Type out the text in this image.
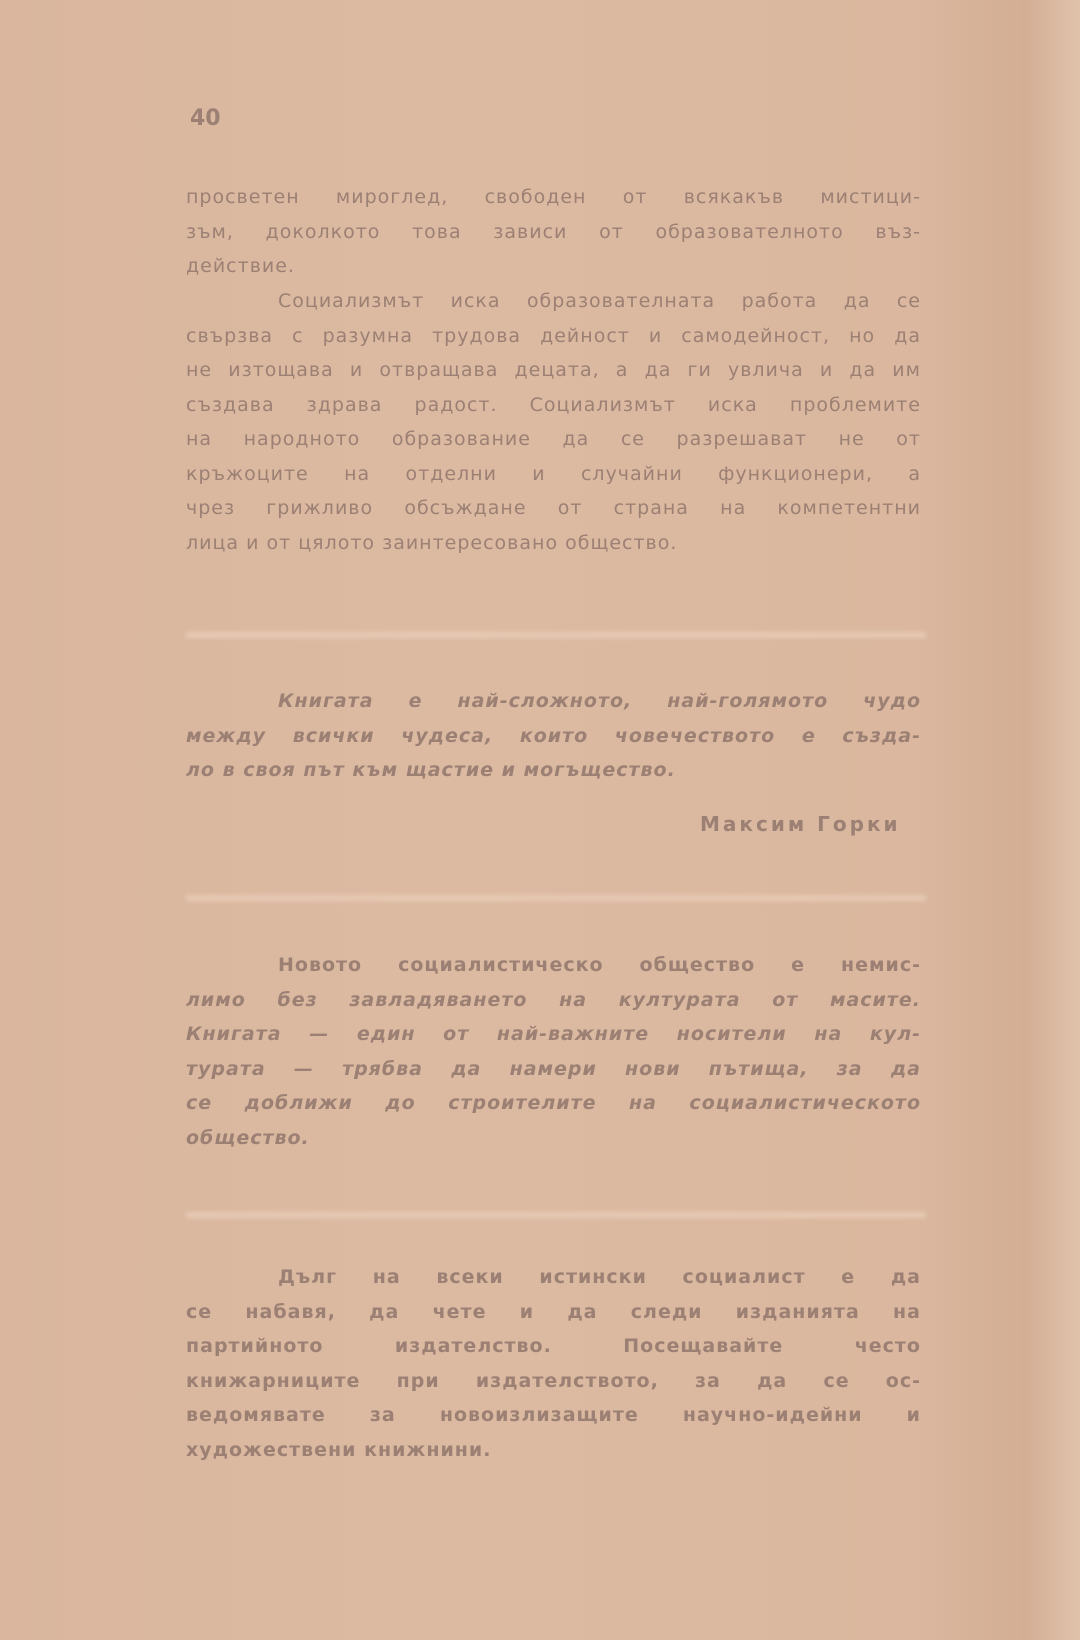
40
просветен мироглед, свободен от всякакъв мистици-
зъм, доколкото това зависи от образователното въз-
действие.
Социализмът иска образователната работа да се
свързва с разумна трудова дейност и самодейност, но да
не изтощава и отвращава децата, а да ги увлича и да им
създава здрава радост. Социализмът иска проблемите
на народното образование да се разрешават не от
кръжоците на отделни и случайни функционери, а
чрез грижливо обсъждане от страна на компетентни
лица и от цялото заинтересовано общество.
Книгата е най-сложното, най-голямото чудо
между всички чудеса, които човечеството е създа-
ло в своя път към щастие и могъщество.
Максим Горки
Новото социалистическо общество е немис-
лимо без завладяването на културата от масите.
Книгата — един от най-важните носители на кул-
турата — трябва да намери нови пътища, за да
се доближи до строителите на социалистическото
общество.
Дълг на всеки истински социалист е да
се набавя, да чете и да следи изданията на
партийното издателство. Посещавайте често
книжарниците при издателството, за да се ос-
ведомявате за новоизлизащите научно-идейни и
художествени книжнини.
